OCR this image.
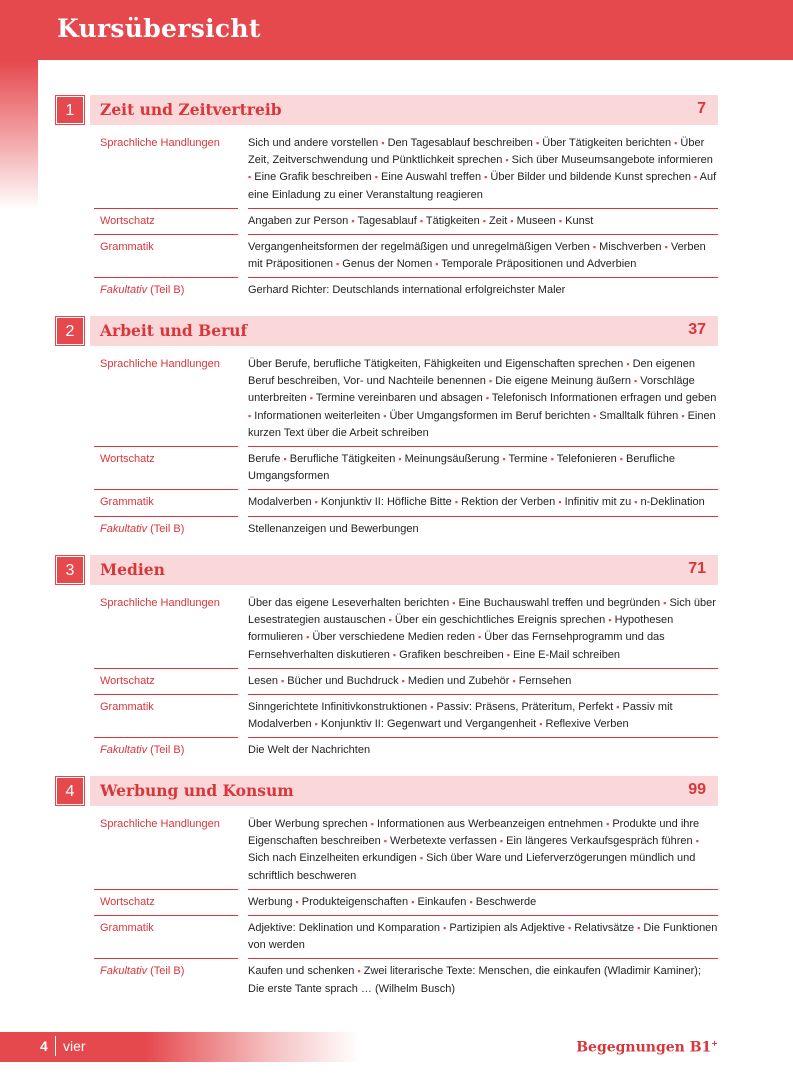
Kursübersicht
1	Zeit und Zeitvertreib	7
Sprachliche Handlungen	Sich und andere vorstellen ▪ Den Tagesablauf beschreiben ▪ Über Tätigkeiten berichten ▪ Über Zeit, Zeitverschwendung und Pünktlichkeit sprechen ▪ Sich über Museumsangebote informieren ▪ Eine Grafik beschreiben ▪ Eine Auswahl treffen ▪ Über Bilder und bildende Kunst sprechen ▪ Auf eine Einladung zu einer Veranstaltung reagieren
Wortschatz	Angaben zur Person ▪ Tagesablauf ▪ Tätigkeiten ▪ Zeit ▪ Museen ▪ Kunst
Grammatik	Vergangenheitsformen der regelmäßigen und unregelmäßigen Verben ▪ Mischverben ▪ Verben mit Präpositionen ▪ Genus der Nomen ▪ Temporale Präpositionen und Adverbien
Fakultativ (Teil B)	Gerhard Richter: Deutschlands international erfolgreichster Maler
2	Arbeit und Beruf	37
Sprachliche Handlungen	Über Berufe, berufliche Tätigkeiten, Fähigkeiten und Eigenschaften sprechen ▪ Den eigenen Beruf beschreiben, Vor- und Nachteile benennen ▪ Die eigene Meinung äußern ▪ Vorschläge unterbreiten ▪ Termine vereinbaren und absagen ▪ Telefonisch Informationen erfragen und geben ▪ Informationen weiterleiten ▪ Über Umgangsformen im Beruf berichten ▪ Smalltalk führen ▪ Einen kurzen Text über die Arbeit schreiben
Wortschatz	Berufe ▪ Berufliche Tätigkeiten ▪ Meinungsäußerung ▪ Termine ▪ Telefonieren ▪ Berufliche Umgangsformen
Grammatik	Modalverben ▪ Konjunktiv II: Höfliche Bitte ▪ Rektion der Verben ▪ Infinitiv mit zu ▪ n-Deklination
Fakultativ (Teil B)	Stellenanzeigen und Bewerbungen
3	Medien	71
Sprachliche Handlungen	Über das eigene Leseverhalten berichten ▪ Eine Buchauswahl treffen und begründen ▪ Sich über Lesestrategien austauschen ▪ Über ein geschichtliches Ereignis sprechen ▪ Hypothesen formulieren ▪ Über verschiedene Medien reden ▪ Über das Fernsehprogramm und das Fernsehverhalten diskutieren ▪ Grafiken beschreiben ▪ Eine E-Mail schreiben
Wortschatz	Lesen ▪ Bücher und Buchdruck ▪ Medien und Zubehör ▪ Fernsehen
Grammatik	Sinngerichtete Infinitivkonstruktionen ▪ Passiv: Präsens, Präteritum, Perfekt ▪ Passiv mit Modalverben ▪ Konjunktiv II: Gegenwart und Vergangenheit ▪ Reflexive Verben
Fakultativ (Teil B)	Die Welt der Nachrichten
4	Werbung und Konsum	99
Sprachliche Handlungen	Über Werbung sprechen ▪ Informationen aus Werbeanzeigen entnehmen ▪ Produkte und ihre Eigenschaften beschreiben ▪ Werbetexte verfassen ▪ Ein längeres Verkaufsgespräch führen ▪ Sich nach Einzelheiten erkundigen ▪ Sich über Ware und Lieferverzögerungen mündlich und schriftlich beschweren
Wortschatz	Werbung ▪ Produkteigenschaften ▪ Einkaufen ▪ Beschwerde
Grammatik	Adjektive: Deklination und Komparation ▪ Partizipien als Adjektive ▪ Relativsätze ▪ Die Funktionen von werden
Fakultativ (Teil B)	Kaufen und schenken ▪ Zwei literarische Texte: Menschen, die einkaufen (Wladimir Kaminer); Die erste Tante sprach … (Wilhelm Busch)
4 vier	Begegnungen B1+
